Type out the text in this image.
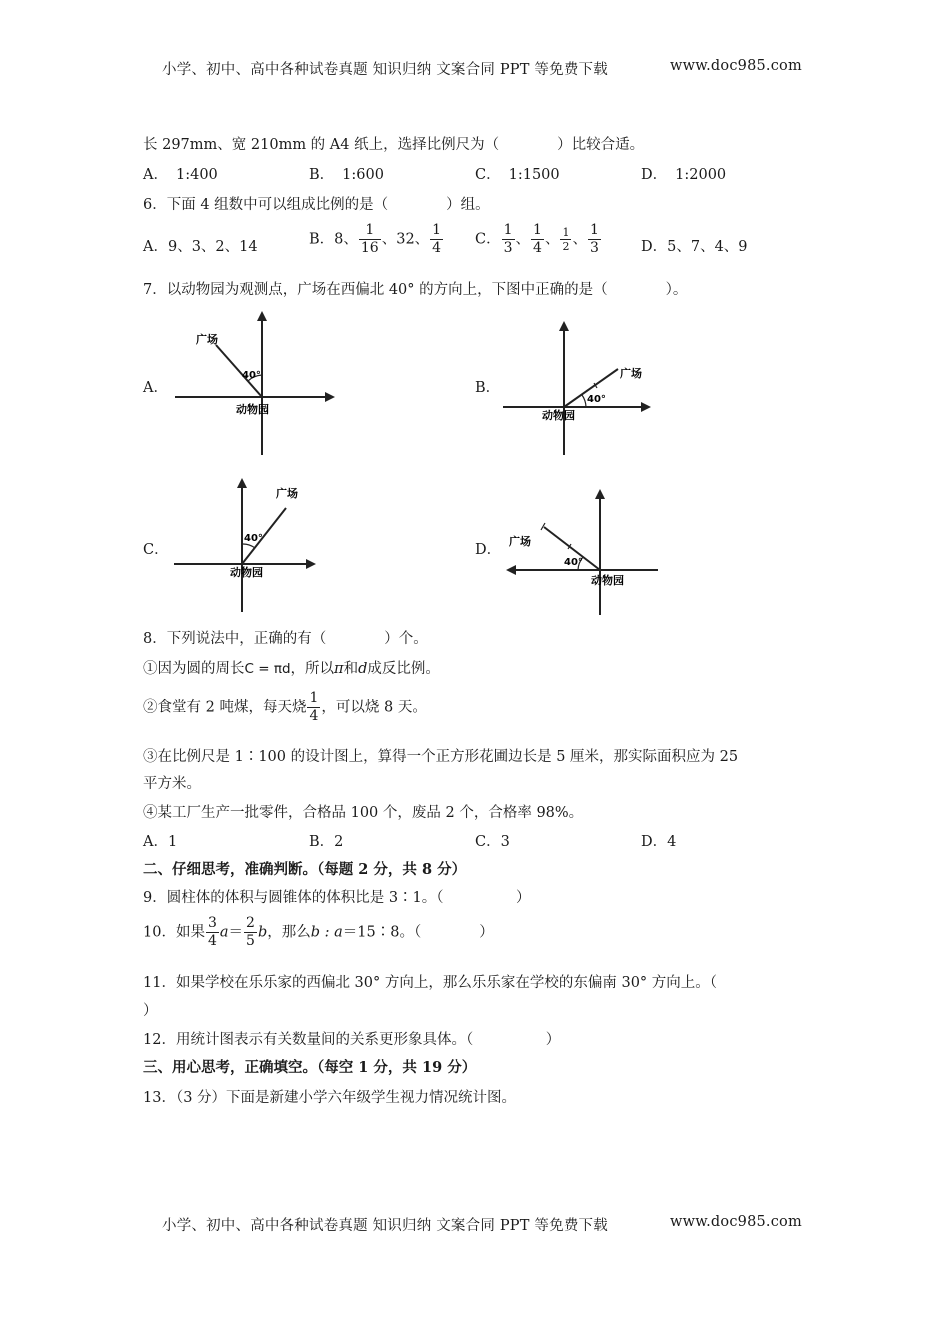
小学、初中、高中各种试卷真题 知识归纳 文案合同 PPT 等免费下载	www.doc985.com
长 297mm、宽 210mm 的 A4 纸上，选择比例尺为（　　　　）比较合适。
A． 1:400	B． 1:600	C． 1:1500	D． 1:2000
6．下面 4 组数中可以组成比例的是（　　　　）组。
A．9、3、2、14	B．8、 $\frac{1}{16}$ 、32、 $\frac{1}{4}$ C． $\frac{1}{3}$ 、 $\frac{1}{4}$ 、 $\frac{1}{2}$ 、 $\frac{1}{3}$	D．5、7、4、9
7．以动物园为观测点，广场在西偏北 40° 的方向上，下图中正确的是（　　　　）。
A．	B．
C．	D．
40°
广场
动物园
40°
广场
动物园
40°
广场
动物园
40°
广场
动物园
8．下列说法中，正确的有（　　　　）个。
①因为圆的周长C = πd，所以π和d成反比例。
②食堂有 2 吨煤，每天烧 $\frac{1}{4}$ ，可以烧 8 天。
③在比例尺是 1∶100 的设计图上，算得一个正方形花圃边长是 5 厘米，那实际面积应为 25
平方米。
④某工厂生产一批零件，合格品 100 个，废品 2 个，合格率 98%。
A．1	B．2	C．3	D．4
二、仔细思考，准确判断。（每题 2 分，共 8 分）
9．圆柱体的体积与圆锥体的体积比是 3∶1。（　　　　　）
10．如果 $\frac{3}{4} a= \frac{2}{5}$ b，那么b : a＝15∶8。（　　　　）
11．如果学校在乐乐家的西偏北 30° 方向上，那么乐乐家在学校的东偏南 30° 方向上。（
）
12．用统计图表示有关数量间的关系更形象具体。（　　　　　）
三、用心思考，正确填空。（每空 1 分，共 19 分）
13．（3 分）下面是新建小学六年级学生视力情况统计图。
小学、初中、高中各种试卷真题 知识归纳 文案合同 PPT 等免费下载	www.doc985.com
